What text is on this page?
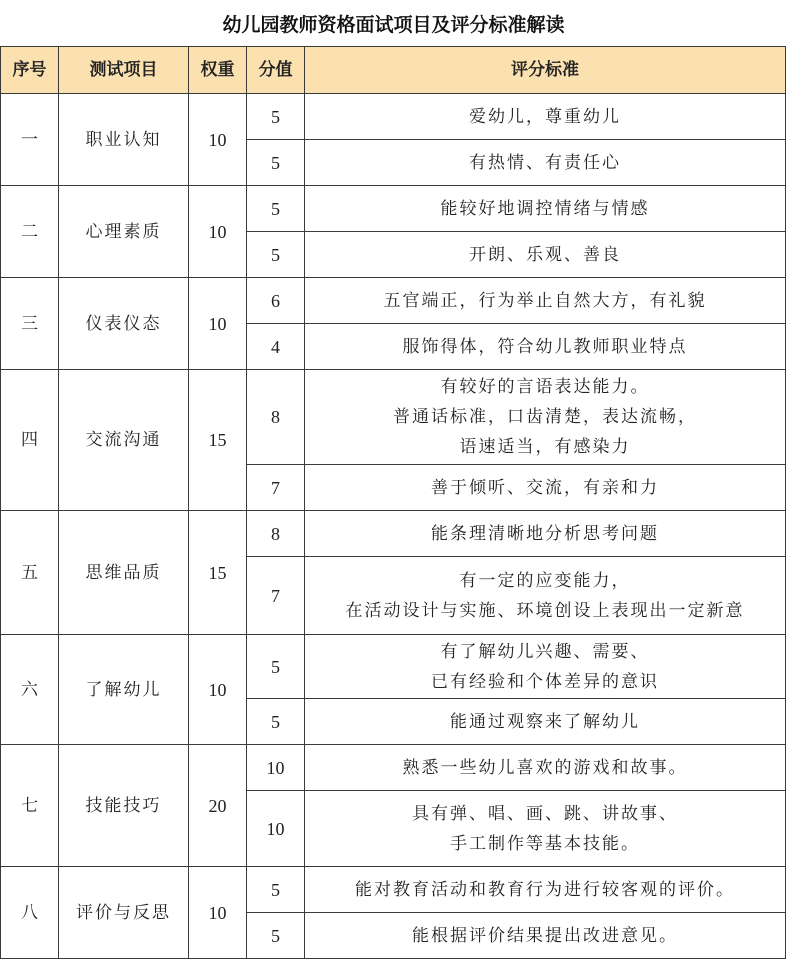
幼儿园教师资格面试项目及评分标准解读
序号	测试项目	权重	分值	评分标准
一	职业认知	10	5	爱幼儿，尊重幼儿

			5	有热情、有责任心

二	心理素质	10	5	能较好地调控情绪与情感

			5	开朗、乐观、善良

三	仪表仪态	10	6	五官端正，行为举止自然大方，有礼貌

			4	服饰得体，符合幼儿教师职业特点

四	交流沟通	15	8	有较好的言语表达能力。
普通话标准，口齿清楚，表达流畅，
语速适当，有感染力

			7	善于倾听、交流，有亲和力

五	思维品质	15	8	能条理清晰地分析思考问题

			7	有一定的应变能力，
在活动设计与实施、环境创设上表现出一定新意

六	了解幼儿	10	5	有了解幼儿兴趣、需要、
已有经验和个体差异的意识

			5	能通过观察来了解幼儿

七	技能技巧	20	10	熟悉一些幼儿喜欢的游戏和故事。

			10	具有弹、唱、画、跳、讲故事、
手工制作等基本技能。

八	评价与反思	10	5	能对教育活动和教育行为进行较客观的评价。

			5	能根据评价结果提出改进意见。
